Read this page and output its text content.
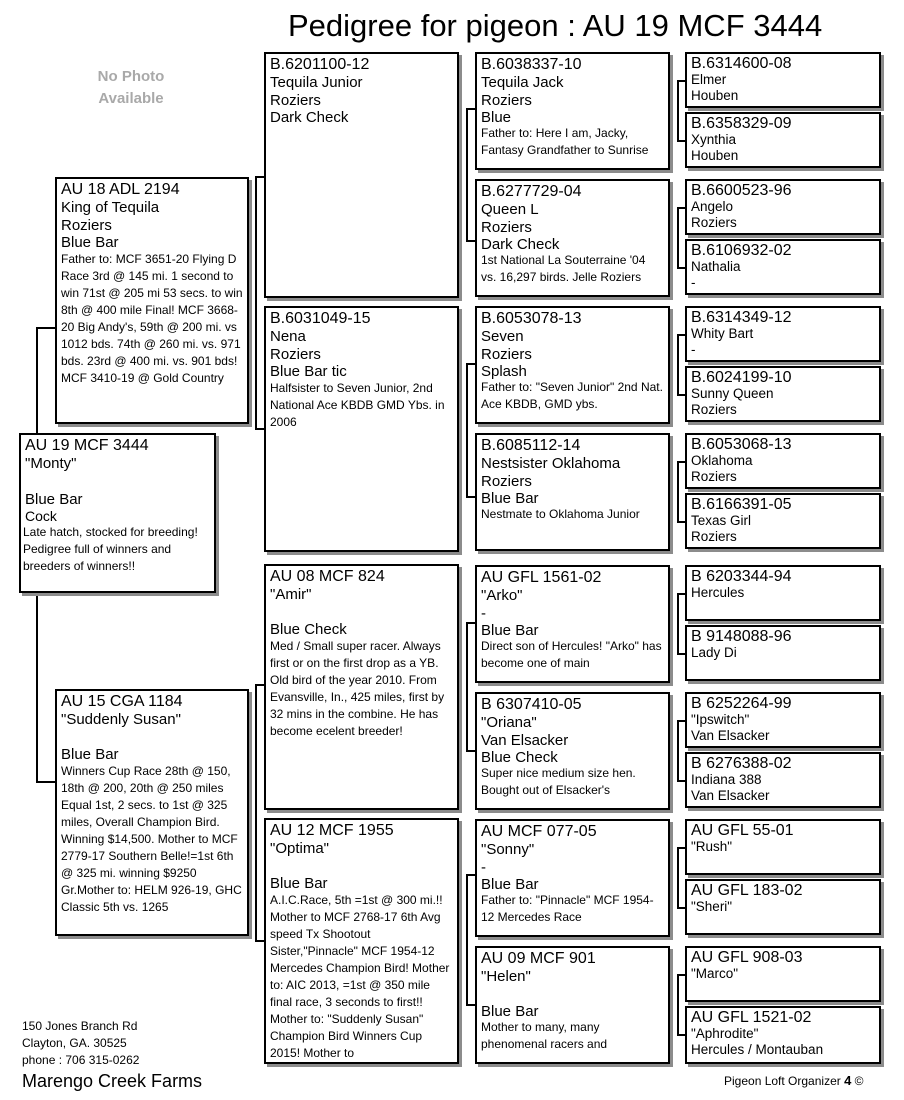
Pedigree for pigeon : AU 19 MCF 3444
No Photo
Available
AU 19 MCF 3444
"Monty"
Blue Bar
Cock
Late hatch, stocked for breeding! Pedigree full of winners and breeders of winners!!
AU 18 ADL 2194
King of Tequila
Roziers
Blue Bar
Father to: MCF 3651-20 Flying D Race 3rd @ 145 mi. 1 second to win 71st @ 205 mi 53 secs. to win 8th @ 400 mile Final! MCF 3668-20 Big Andy's, 59th @ 200 mi. vs 1012 bds. 74th @ 260 mi. vs. 971 bds. 23rd @ 400 mi. vs. 901 bds! MCF 3410-19 @ Gold Country
AU 15 CGA 1184
"Suddenly Susan"
Blue Bar
Winners Cup Race 28th @ 150, 18th @ 200, 20th @ 250 miles Equal 1st, 2 secs. to 1st @ 325 miles, Overall Champion Bird. Winning $14,500. Mother to MCF 2779-17 Southern Belle!=1st 6th @ 325 mi. winning $9250 Gr.Mother to: HELM 926-19, GHC Classic 5th vs. 1265
B.6201100-12
Tequila Junior
Roziers
Dark Check
B.6031049-15
Nena
Roziers
Blue Bar tic
Halfsister to Seven Junior, 2nd National Ace KBDB GMD Ybs. in 2006
AU 08 MCF 824
"Amir"
Blue Check
Med / Small super racer. Always first or on the first drop as a YB. Old bird of the year 2010. From Evansville, In., 425 miles, first by 32 mins in the combine. He has become ecelent breeder!
AU 12 MCF 1955
"Optima"
Blue Bar
A.I.C.Race, 5th =1st @ 300 mi.!! Mother to MCF 2768-17 6th Avg speed Tx Shootout Sister,"Pinnacle" MCF 1954-12 Mercedes Champion Bird! Mother to: AIC 2013, =1st @ 350 mile final race, 3 seconds to first!! Mother to: "Suddenly Susan" Champion Bird Winners Cup 2015! Mother to
B.6038337-10
Tequila Jack
Roziers
Blue
Father to: Here I am, Jacky, Fantasy Grandfather to Sunrise
B.6277729-04
Queen L
Roziers
Dark Check
1st National La Souterraine '04 vs. 16,297 birds. Jelle Roziers
B.6053078-13
Seven
Roziers
Splash
Father to: "Seven Junior" 2nd Nat. Ace KBDB, GMD ybs.
B.6085112-14
Nestsister Oklahoma
Roziers
Blue Bar
Nestmate to Oklahoma Junior
AU GFL 1561-02
"Arko"
-
Blue Bar
Direct son of Hercules! "Arko" has become one of main
B 6307410-05
"Oriana"
Van Elsacker
Blue Check
Super nice medium size hen. Bought out of Elsacker's
AU MCF 077-05
"Sonny"
-
Blue Bar
Father to: "Pinnacle" MCF 1954-12 Mercedes Race
AU 09 MCF 901
"Helen"
Blue Bar
Mother to many, many phenomenal racers and
B.6314600-08
Elmer
Houben
B.6358329-09
Xynthia
Houben
B.6600523-96
Angelo
Roziers
B.6106932-02
Nathalia
-
B.6314349-12
Whity Bart
-
B.6024199-10
Sunny Queen
Roziers
B.6053068-13
Oklahoma
Roziers
B.6166391-05
Texas Girl
Roziers
B 6203344-94
Hercules
B 9148088-96
Lady Di
B 6252264-99
"Ipswitch"
Van Elsacker
B 6276388-02
Indiana 388
Van Elsacker
AU GFL 55-01
"Rush"
AU GFL 183-02
"Sheri"
AU GFL 908-03
"Marco"
AU GFL 1521-02
"Aphrodite"
Hercules / Montauban
150 Jones Branch Rd
Clayton, GA. 30525
phone : 706 315-0262
Marengo Creek Farms	Pigeon Loft Organizer 4 ©
